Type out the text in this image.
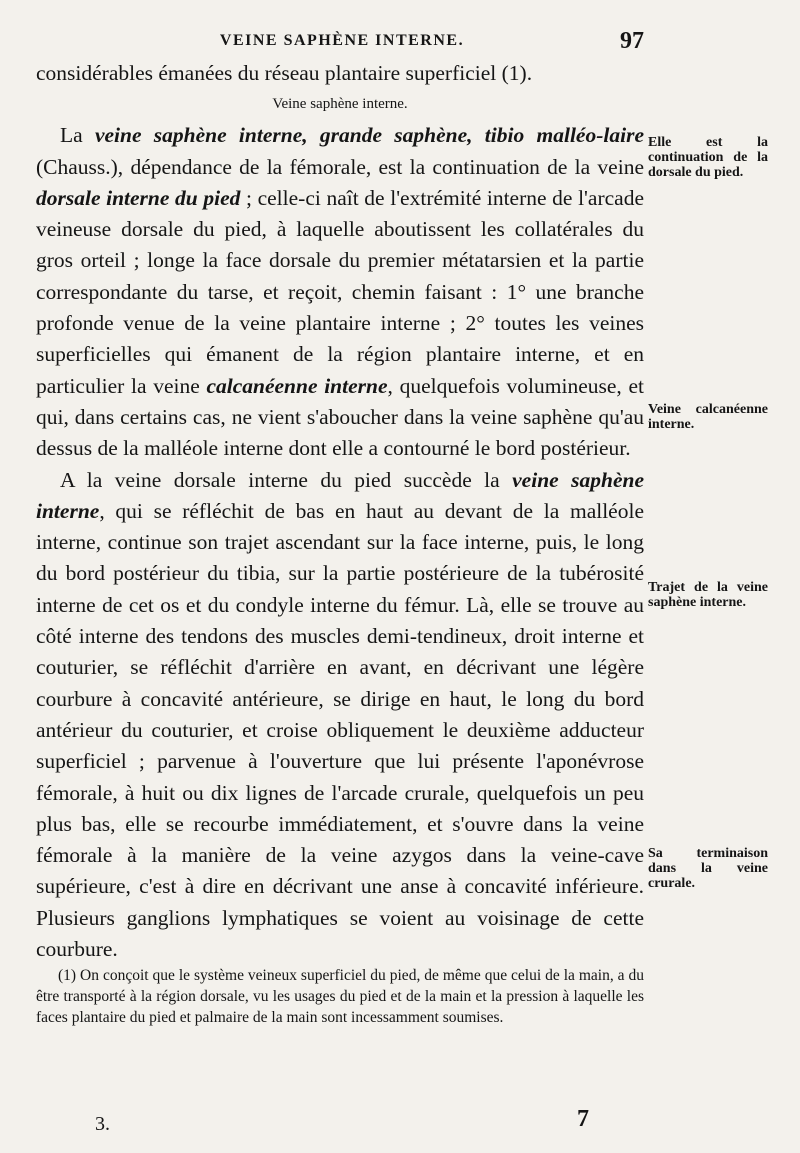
VEINE SAPHÈNE INTERNE.	97

considérables émanées du réseau plantaire superficiel (1).

Veine saphène interne.

La veine saphène interne, grande saphène, tibio malléo-laire (Chauss.), dépendance de la fémorale, est la continuation de la veine dorsale interne du pied ; celle-ci naît de l'extrémité interne de l'arcade veineuse dorsale du pied, à laquelle aboutissent les collatérales du gros orteil ; longe la face dorsale du premier métatarsien et la partie correspondante du tarse, et reçoit, chemin faisant : 1° une branche profonde venue de la veine plantaire interne ; 2° toutes les veines superficielles qui émanent de la région plantaire interne, et en particulier la veine calcanéenne interne, quelquefois volumineuse, et qui, dans certains cas, ne vient s'aboucher dans la veine saphène qu'au dessus de la malléole interne dont elle a contourné le bord postérieur.

A la veine dorsale interne du pied succède la veine saphène interne, qui se réfléchit de bas en haut au devant de la malléole interne, continue son trajet ascendant sur la face interne, puis, le long du bord postérieur du tibia, sur la partie postérieure de la tubérosité interne de cet os et du condyle interne du fémur. Là, elle se trouve au côté interne des tendons des muscles demi-tendineux, droit interne et couturier, se réfléchit d'arrière en avant, en décrivant une légère courbure à concavité antérieure, se dirige en haut, le long du bord antérieur du couturier, et croise obliquement le deuxième adducteur superficiel ; parvenue à l'ouverture que lui présente l'aponévrose fémorale, à huit ou dix lignes de l'arcade crurale, quelquefois un peu plus bas, elle se recourbe immédiatement, et s'ouvre dans la veine fémorale à la manière de la veine azygos dans la veine-cave supérieure, c'est à dire en décrivant une anse à concavité inférieure. Plusieurs ganglions lymphatiques se voient au voisinage de cette courbure.

(1) On conçoit que le système veineux superficiel du pied, de même que celui de la main, a du être transporté à la région dorsale, vu les usages du pied et de la main et la pression à laquelle les faces plantaire du pied et palmaire de la main sont incessamment soumises.

Elle est la continuation de la dorsale du pied.
Veine calcanéenne interne.
Trajet de la veine saphène interne.
Sa terminaison dans la veine crurale.
3.	7
